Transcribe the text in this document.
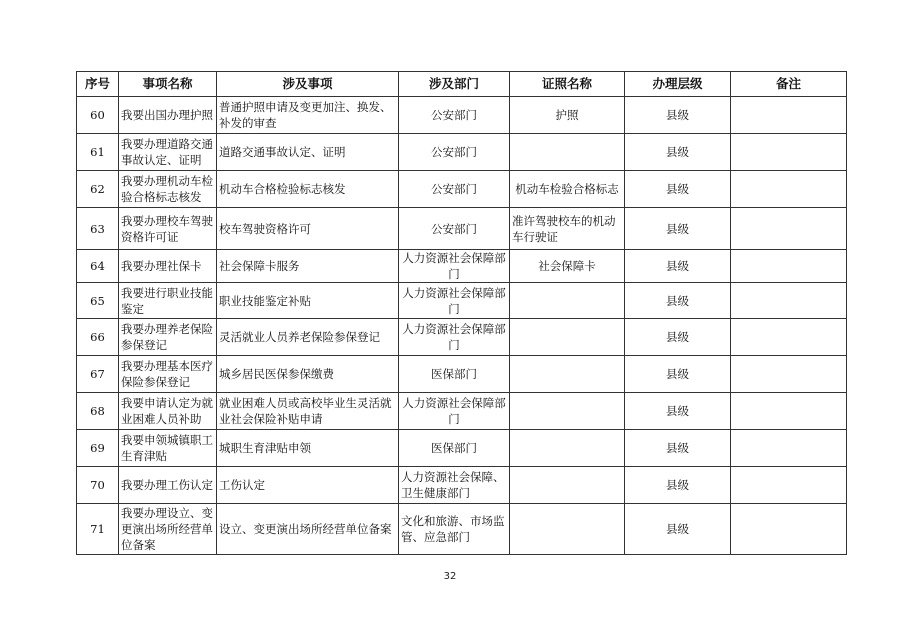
序号	事项名称	涉及事项	涉及部门	证照名称	办理层级	备注
60	我要出国办理护照	普通护照申请及变更加注、换发、补发的审查	公安部门	护照	县级	
61	我要办理道路交通事故认定、证明	道路交通事故认定、证明	公安部门		县级	
62	我要办理机动车检验合格标志核发	机动车合格检验标志核发	公安部门	机动车检验合格标志	县级	
63	我要办理校车驾驶资格许可证	校车驾驶资格许可	公安部门	准许驾驶校车的机动车行驶证	县级	
64	我要办理社保卡	社会保障卡服务	人力资源社会保障部门	社会保障卡	县级	
65	我要进行职业技能鉴定	职业技能鉴定补贴	人力资源社会保障部门		县级	
66	我要办理养老保险参保登记	灵活就业人员养老保险参保登记	人力资源社会保障部门		县级	
67	我要办理基本医疗保险参保登记	城乡居民医保参保缴费	医保部门		县级	
68	我要申请认定为就业困难人员补助	就业困难人员或高校毕业生灵活就业社会保险补贴申请	人力资源社会保障部门		县级	
69	我要申领城镇职工生育津贴	城职生育津贴申领	医保部门		县级	
70	我要办理工伤认定	工伤认定	人力资源社会保障、卫生健康部门		县级	
71	我要办理设立、变更演出场所经营单位备案	设立、变更演出场所经营单位备案	文化和旅游、市场监管、应急部门		县级	
32
